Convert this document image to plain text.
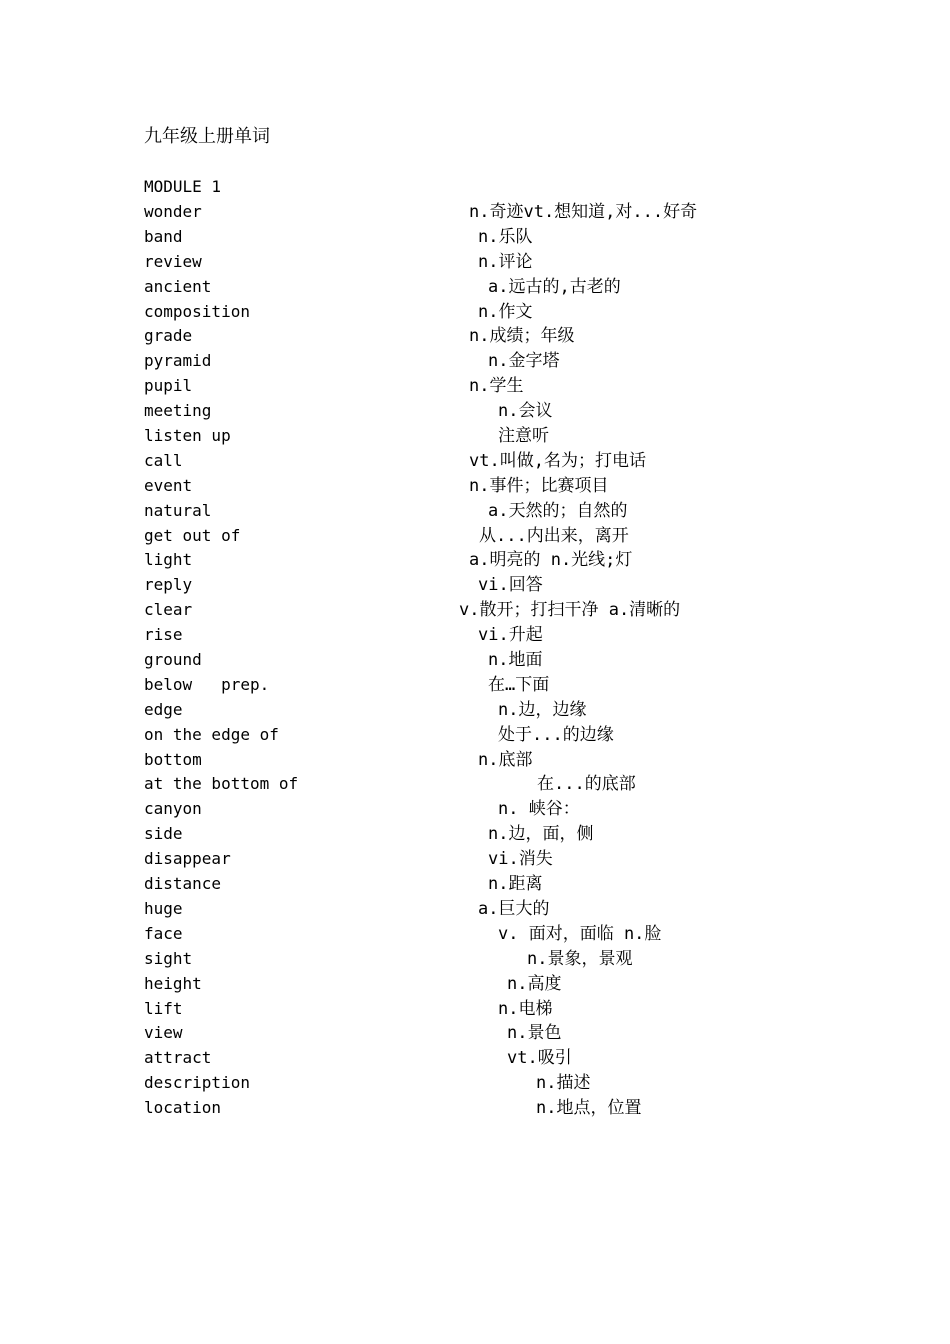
九年级上册单词
MODULE 1
wonder	n.奇迹vt.想知道,对...好奇
band	n.乐队
review	n.评论
ancient	a.远古的,古老的
composition	n.作文
grade	n.成绩；年级
pyramid	n.金字塔
pupil	n.学生
meeting	n.会议
listen up	注意听
call	vt.叫做,名为；打电话
event	n.事件；比赛项目
natural	a.天然的；自然的
get out of	从...内出来，离开
light	a.明亮的 n.光线;灯
reply	vi.回答
clear	v.散开；打扫干净 a.清晰的
rise	vi.升起
ground	n.地面
below   prep.	在…下面
edge	n.边，边缘
on the edge of	处于...的边缘
bottom	n.底部
at the bottom of	在...的底部
canyon	n. 峡谷：
side	n.边，面，侧
disappear	vi.消失
distance	n.距离
huge	a.巨大的
face	v. 面对，面临 n.脸
sight	n.景象，景观
height	n.高度
lift	n.电梯
view	n.景色
attract	vt.吸引
description	n.描述
location	n.地点，位置
